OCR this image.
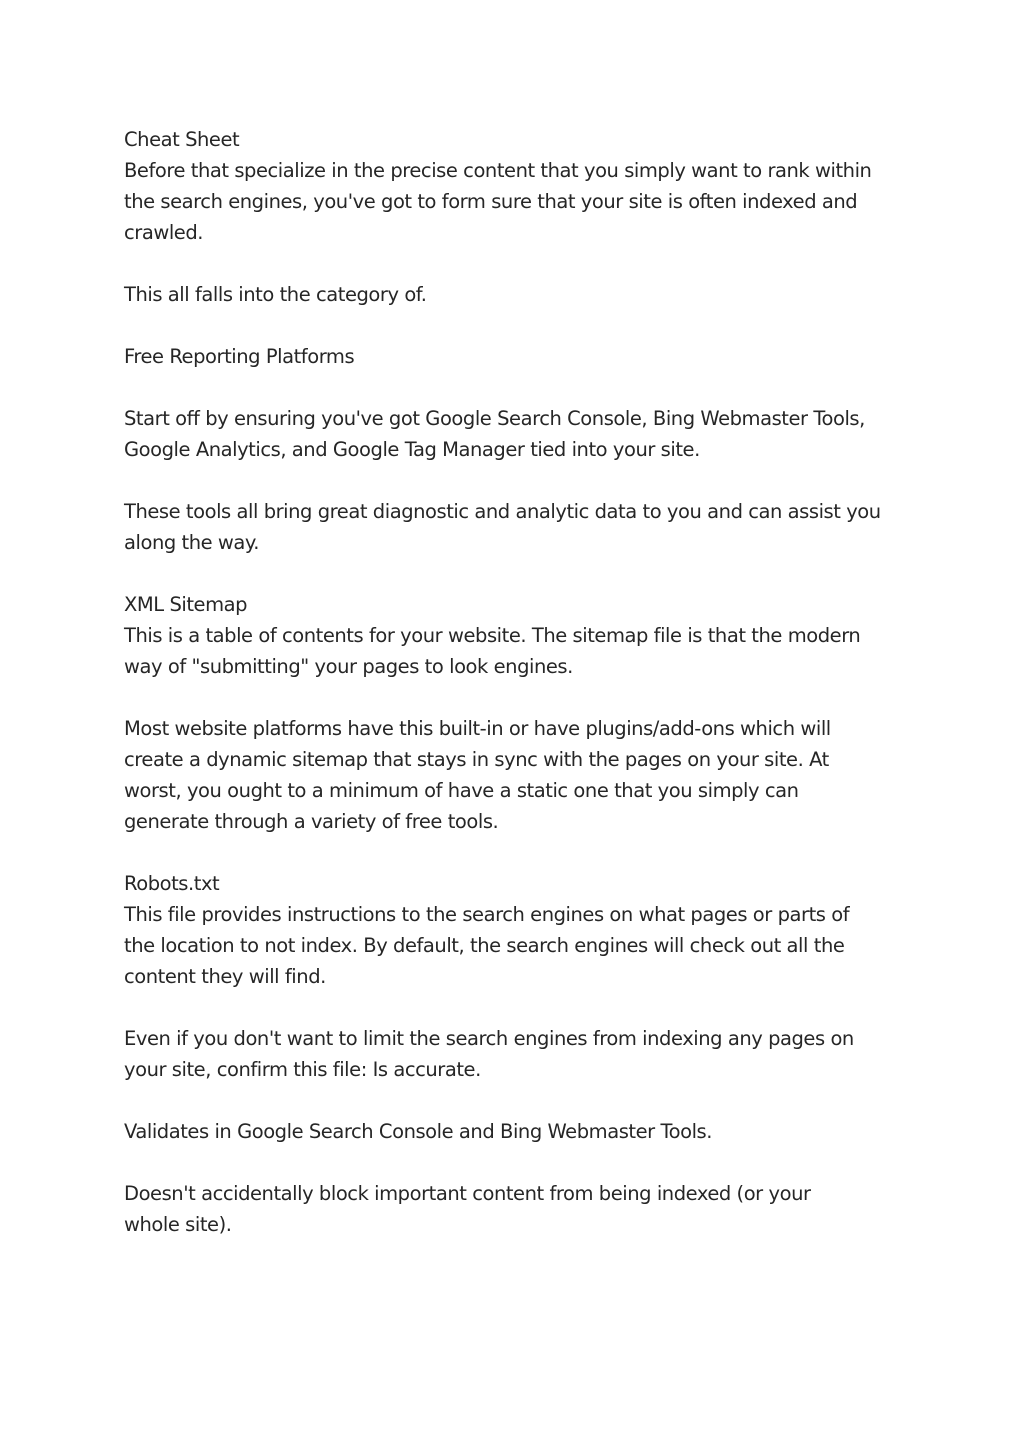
Cheat Sheet
Before that specialize in the precise content that you simply want to rank within
the search engines, you've got to form sure that your site is often indexed and
crawled.
This all falls into the category of.
Free Reporting Platforms
Start off by ensuring you've got Google Search Console, Bing Webmaster Tools,
Google Analytics, and Google Tag Manager tied into your site.
These tools all bring great diagnostic and analytic data to you and can assist you
along the way.
XML Sitemap
This is a table of contents for your website. The sitemap file is that the modern
way of "submitting" your pages to look engines.
Most website platforms have this built-in or have plugins/add-ons which will
create a dynamic sitemap that stays in sync with the pages on your site. At
worst, you ought to a minimum of have a static one that you simply can
generate through a variety of free tools.
Robots.txt
This file provides instructions to the search engines on what pages or parts of
the location to not index. By default, the search engines will check out all the
content they will find.
Even if you don't want to limit the search engines from indexing any pages on
your site, confirm this file: Is accurate.
Validates in Google Search Console and Bing Webmaster Tools.
Doesn't accidentally block important content from being indexed (or your
whole site).
